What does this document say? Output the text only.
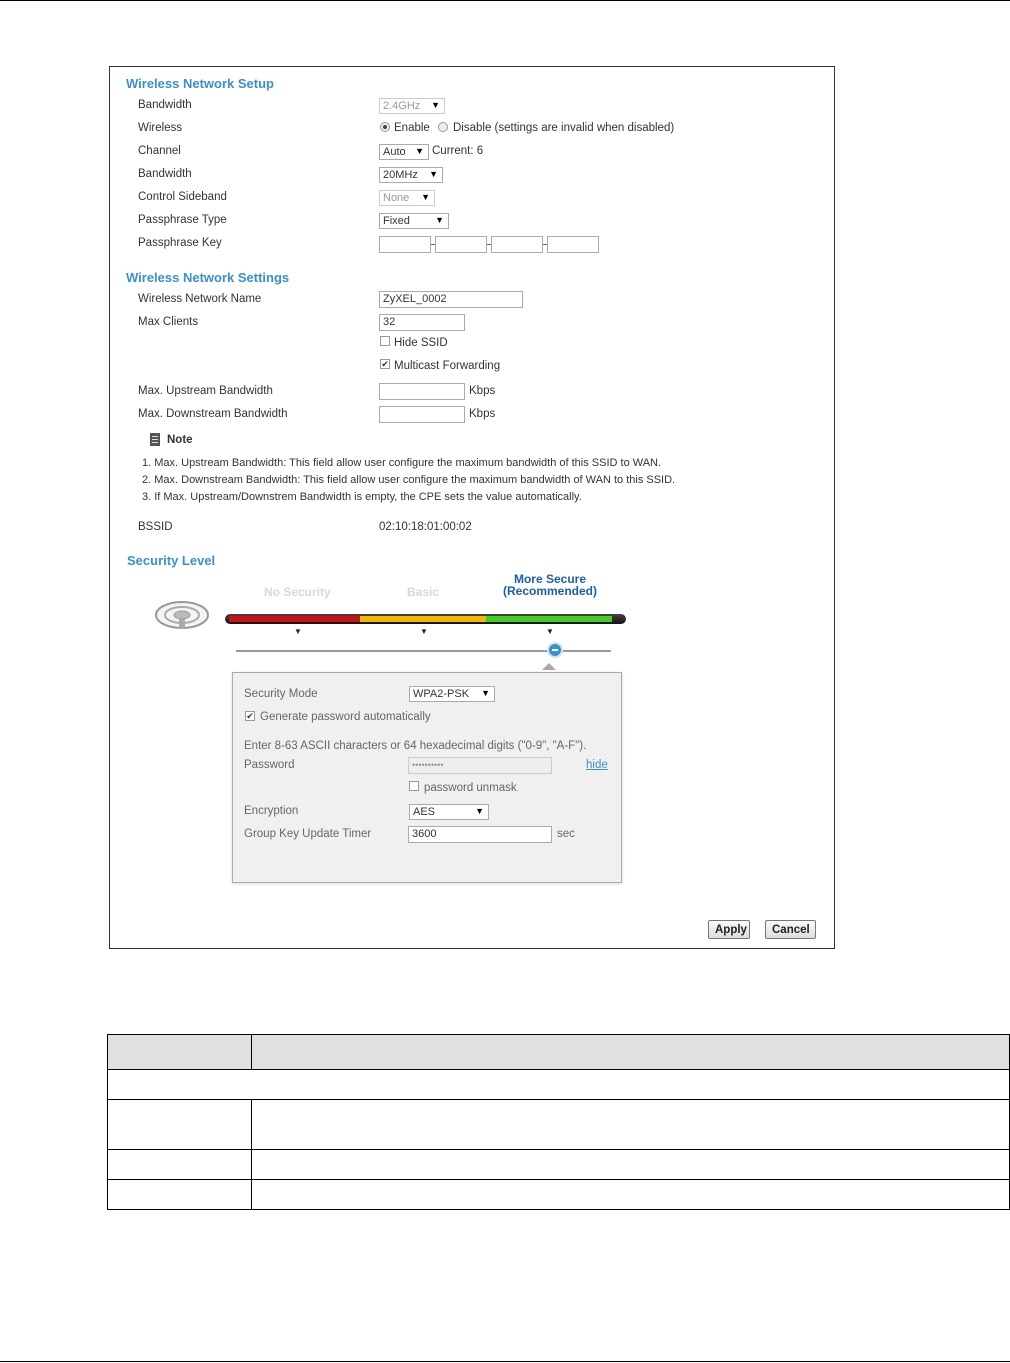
Wireless Network Setup
Bandwidth	2.4GHz ▼
Wireless	Enable Disable (settings are invalid when disabled)
Channel	Auto ▼ Current: 6
Bandwidth	20MHz ▼
Control Sideband	None ▼
Passphrase Type	Fixed	▼
Passphrase Key
Wireless Network Settings
Wireless Network Name	ZyXEL_0002
Max Clients	32
Hide SSID
✔ Multicast Forwarding
Max. Upstream Bandwidth	Kbps
Max. Downstream Bandwidth	Kbps
Note
1. Max. Upstream Bandwidth: This field allow user configure the maximum bandwidth of this SSID to WAN.
2. Max. Downstream Bandwidth: This field allow user configure the maximum bandwidth of WAN to this SSID.
3. If Max. Upstream/Downstrem Bandwidth is empty, the CPE sets the value automatically.
BSSID	02:10:18:01:00:02
Security Level
No Security	Basic
More Secure
(Recommended)
▼	▼	▼
Apply	Cancel
Security Mode	WPA2-PSK ▼
✔ Generate password automatically
Enter 8-63 ASCII characters or 64 hexadecimal digits ("0-9", "A-F").
Password	••••••••••	hide
password unmask
Encryption	AES	▼
Group Key Update Timer	3600	sec
